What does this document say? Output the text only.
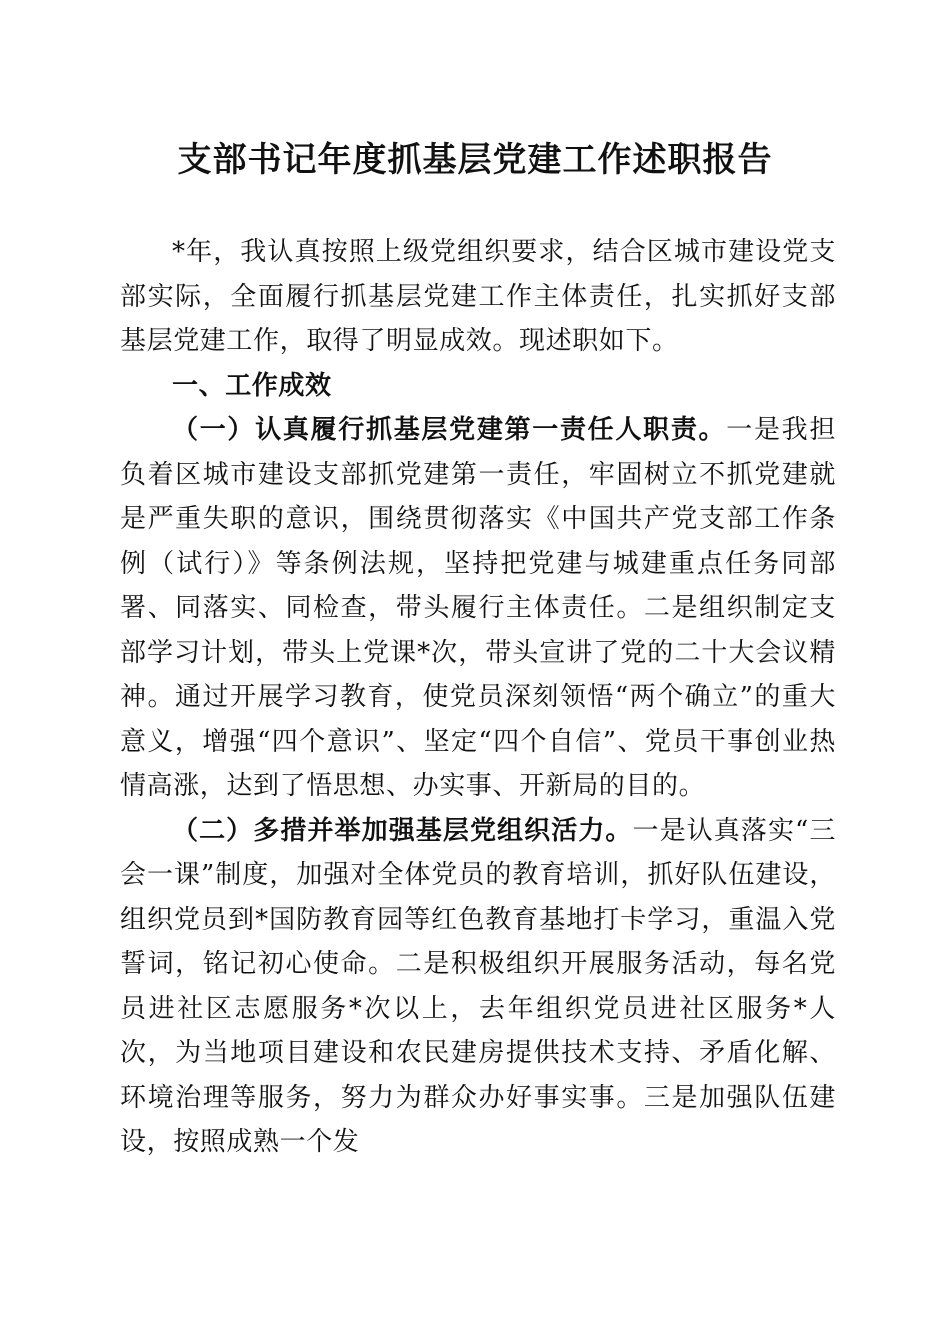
支部书记年度抓基层党建工作述职报告

*年，我认真按照上级党组织要求，结合区城市建设党支部实际，全面履行抓基层党建工作主体责任，扎实抓好支部基层党建工作，取得了明显成效。现述职如下。

一、工作成效

（一）认真履行抓基层党建第一责任人职责。一是我担负着区城市建设支部抓党建第一责任，牢固树立不抓党建就是严重失职的意识，围绕贯彻落实《中国共产党支部工作条例（试行）》等条例法规，坚持把党建与城建重点任务同部署、同落实、同检查，带头履行主体责任。二是组织制定支部学习计划，带头上党课*次，带头宣讲了党的二十大会议精神。通过开展学习教育，使党员深刻领悟“两个确立”的重大意义，增强“四个意识”、坚定“四个自信”、党员干事创业热情高涨，达到了悟思想、办实事、开新局的目的。

（二）多措并举加强基层党组织活力。一是认真落实“三会一课”制度，加强对全体党员的教育培训，抓好队伍建设，组织党员到*国防教育园等红色教育基地打卡学习，重温入党誓词，铭记初心使命。二是积极组织开展服务活动，每名党员进社区志愿服务*次以上，去年组织党员进社区服务*人次，为当地项目建设和农民建房提供技术支持、矛盾化解、环境治理等服务，努力为群众办好事实事。三是加强队伍建设，按照成熟一个发
